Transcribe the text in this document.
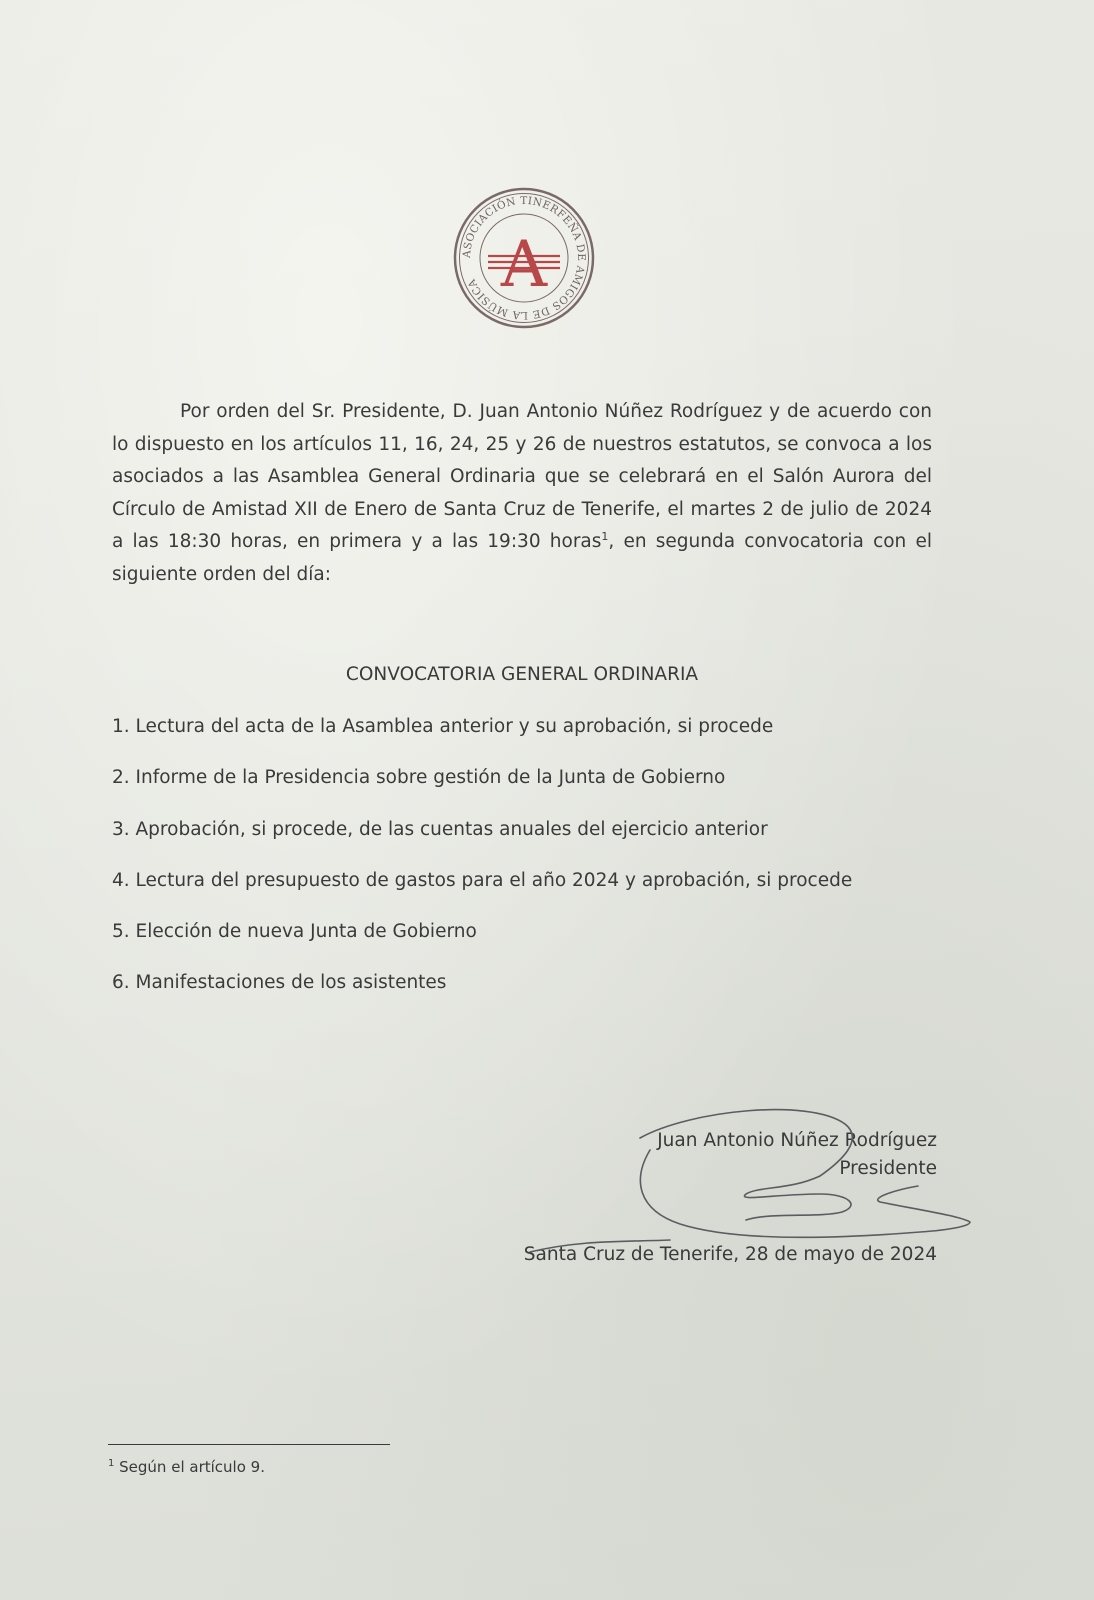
ASOCIACIÓN TINERFEÑA DE AMIGOS DE LA MÚSICA A

Por orden del Sr. Presidente, D. Juan Antonio Núñez Rodríguez y de acuerdo con lo dispuesto en los artículos 11, 16, 24, 25 y 26 de nuestros estatutos, se convoca a los asociados a las Asamblea General Ordinaria que se celebrará en el Salón Aurora del Círculo de Amistad XII de Enero de Santa Cruz de Tenerife, el martes 2 de julio de 2024 a las 18:30 horas, en primera y a las 19:30 horas$^1$, en segunda convocatoria con el siguiente orden del día:

CONVOCATORIA GENERAL ORDINARIA
1. Lectura del acta de la Asamblea anterior y su aprobación, si procede
2. Informe de la Presidencia sobre gestión de la Junta de Gobierno
3. Aprobación, si procede, de las cuentas anuales del ejercicio anterior
4. Lectura del presupuesto de gastos para el año 2024 y aprobación, si procede
5. Elección de nueva Junta de Gobierno
6. Manifestaciones de los asistentes

Juan Antonio Núñez Rodríguez

Presidente

Santa Cruz de Tenerife, 28 de mayo de 2024

$^1$ Según el artículo 9.
